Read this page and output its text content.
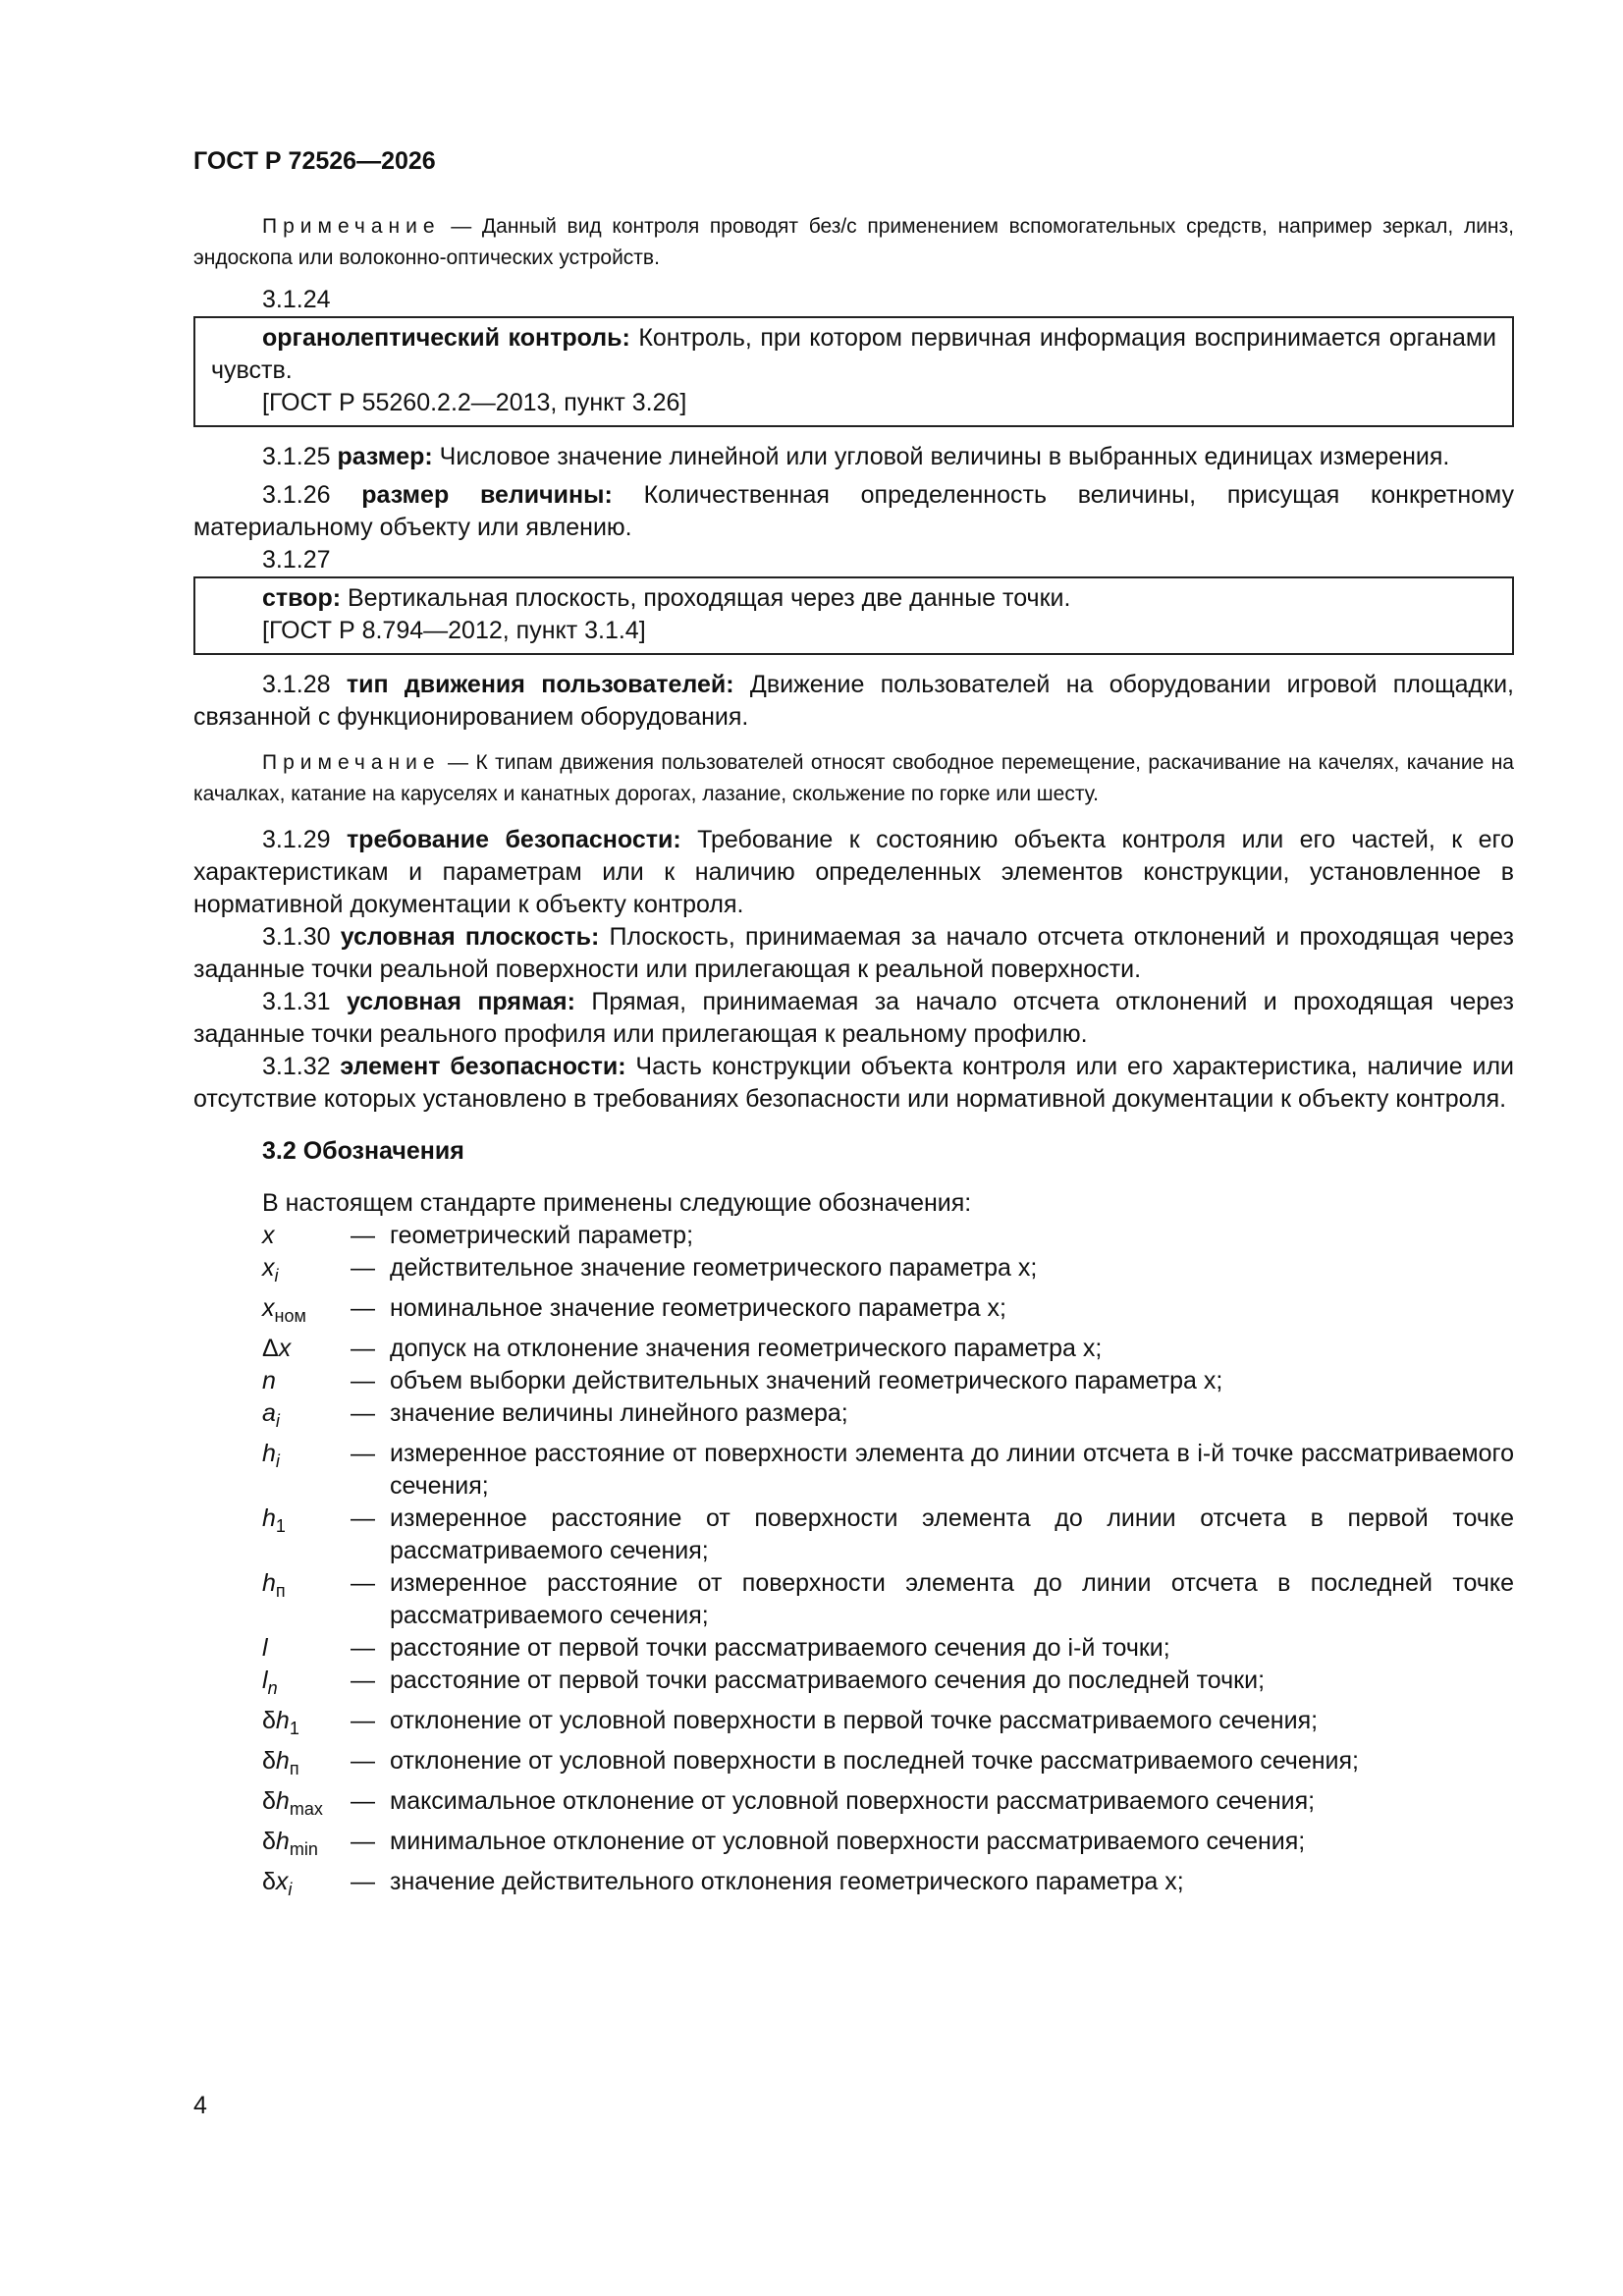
ГОСТ Р 72526—2026

Примечание — Данный вид контроля проводят без/с применением вспомогательных средств, например зеркал, линз, эндоскопа или волоконно-оптических устройств.

3.1.24

органолептический контроль: Контроль, при котором первичная информация воспринимается органами чувств.

[ГОСТ Р 55260.2.2—2013, пункт 3.26]

3.1.25 размер: Числовое значение линейной или угловой величины в выбранных единицах измерения.

3.1.26 размер величины: Количественная определенность величины, присущая конкретному материальному объекту или явлению.

3.1.27

створ: Вертикальная плоскость, проходящая через две данные точки.

[ГОСТ Р 8.794—2012, пункт 3.1.4]

3.1.28 тип движения пользователей: Движение пользователей на оборудовании игровой площадки, связанной с функционированием оборудования.

Примечание — К типам движения пользователей относят свободное перемещение, раскачивание на качелях, качание на качалках, катание на каруселях и канатных дорогах, лазание, скольжение по горке или шесту.

3.1.29 требование безопасности: Требование к состоянию объекта контроля или его частей, к его характеристикам и параметрам или к наличию определенных элементов конструкции, установленное в нормативной документации к объекту контроля.

3.1.30 условная плоскость: Плоскость, принимаемая за начало отсчета отклонений и проходящая через заданные точки реальной поверхности или прилегающая к реальной поверхности.

3.1.31 условная прямая: Прямая, принимаемая за начало отсчета отклонений и проходящая через заданные точки реального профиля или прилегающая к реальному профилю.

3.1.32 элемент безопасности: Часть конструкции объекта контроля или его характеристика, наличие или отсутствие которых установлено в требованиях безопасности или нормативной документации к объекту контроля.

3.2 Обозначения

В настоящем стандарте применены следующие обозначения:

x	— геометрический параметр;
$x_i$	— действительное значение геометрического параметра x;
$x_{ном}$	— номинальное значение геометрического параметра x;
Δx	— допуск на отклонение значения геометрического параметра x;
n	— объем выборки действительных значений геометрического параметра x;
$a_i$	— значение величины линейного размера;
$h_i$	— измеренное расстояние от поверхности элемента до линии отсчета в i-й точке рассматриваемого сечения;
$h_1$	— измеренное расстояние от поверхности элемента до линии отсчета в первой точке рассматриваемого сечения;
$h_п$	— измеренное расстояние от поверхности элемента до линии отсчета в последней точке рассматриваемого сечения;
l	— расстояние от первой точки рассматриваемого сечения до i-й точки;
$l_n$	— расстояние от первой точки рассматриваемого сечения до последней точки;
$\delta h_1$	— отклонение от условной поверхности в первой точке рассматриваемого сечения;
$\delta h_п$	— отклонение от условной поверхности в последней точке рассматриваемого сечения;
$\delta h_{max}$	— максимальное отклонение от условной поверхности рассматриваемого сечения;
$\delta h_{min}$	— минимальное отклонение от условной поверхности рассматриваемого сечения;
$\delta x_i$	— значение действительного отклонения геометрического параметра x;
4
